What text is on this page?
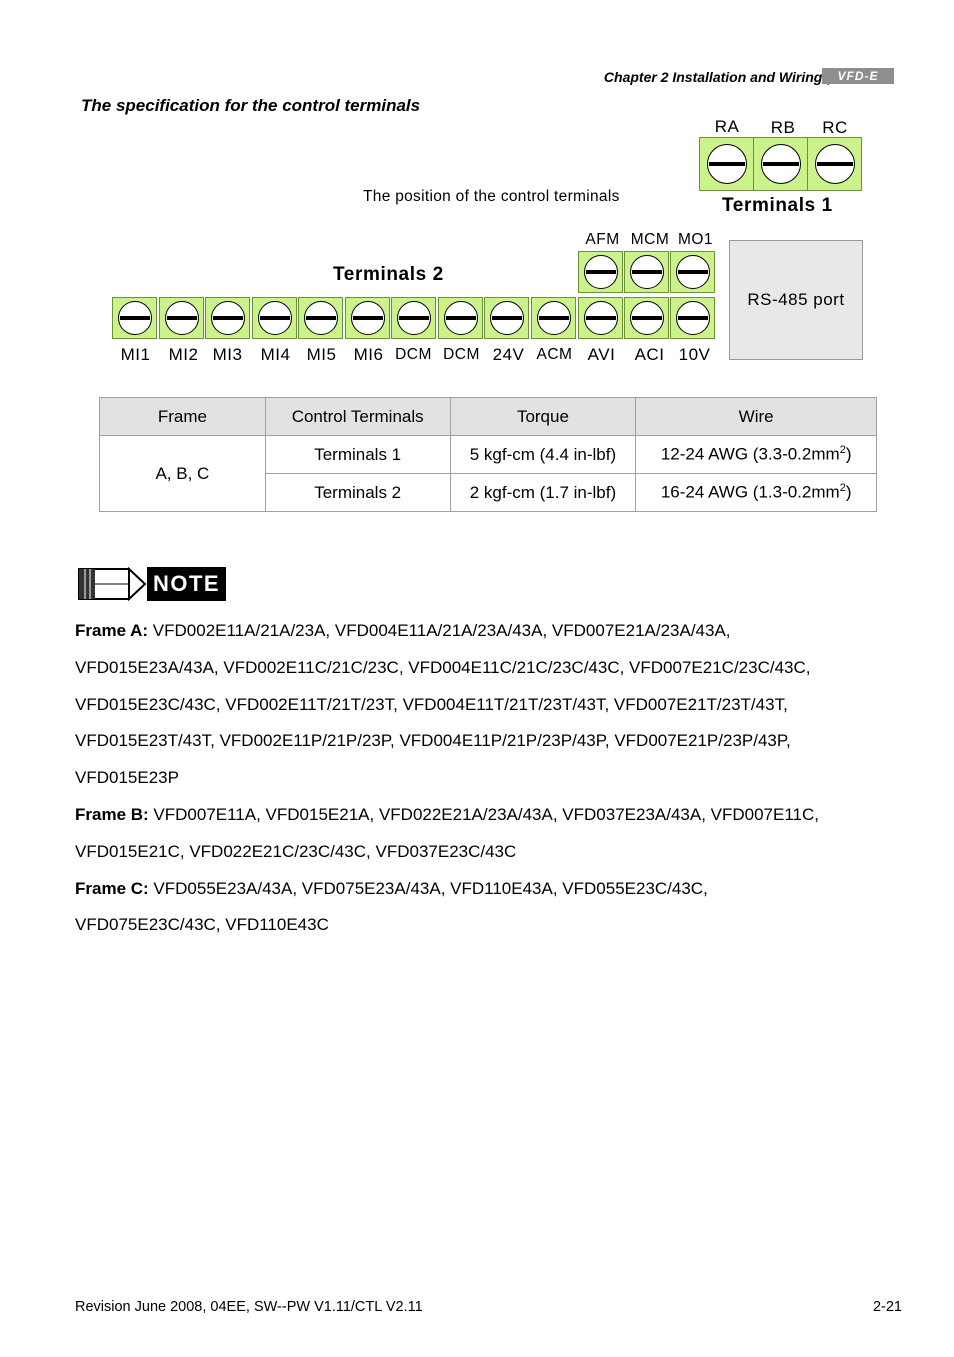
Chapter 2 Installation and Wiring	VFD-E
The specification for the control terminals
RA	RB	RC
Terminals 1
The position of the control terminals
AFM MCM MO1
Terminals 2
MI1	MI2 MI3	MI4 MI5	MI6 DCM DCM 24V ACM AVI	ACI 10V
RS-485 port
Frame	Control Terminals	Torque	Wire
A, B, C	Terminals 1	5 kgf-cm (4.4 in-lbf)	12-24 AWG $(3.3-0.2mm^2)$
	Terminals 2	2 kgf-cm (1.7 in-lbf)	16-24 AWG $(1.3-0.2mm^2)$
NOTE
Frame A: VFD002E11A/21A/23A, VFD004E11A/21A/23A/43A, VFD007E21A/23A/43A,
VFD015E23A/43A, VFD002E11C/21C/23C, VFD004E11C/21C/23C/43C, VFD007E21C/23C/43C,
VFD015E23C/43C, VFD002E11T/21T/23T, VFD004E11T/21T/23T/43T, VFD007E21T/23T/43T,
VFD015E23T/43T, VFD002E11P/21P/23P, VFD004E11P/21P/23P/43P, VFD007E21P/23P/43P,
VFD015E23P
Frame B: VFD007E11A, VFD015E21A, VFD022E21A/23A/43A, VFD037E23A/43A, VFD007E11C,
VFD015E21C, VFD022E21C/23C/43C, VFD037E23C/43C
Frame C: VFD055E23A/43A, VFD075E23A/43A, VFD110E43A, VFD055E23C/43C,
VFD075E23C/43C, VFD110E43C
Revision June 2008, 04EE, SW--PW V1.11/CTL V2.11	2-21
